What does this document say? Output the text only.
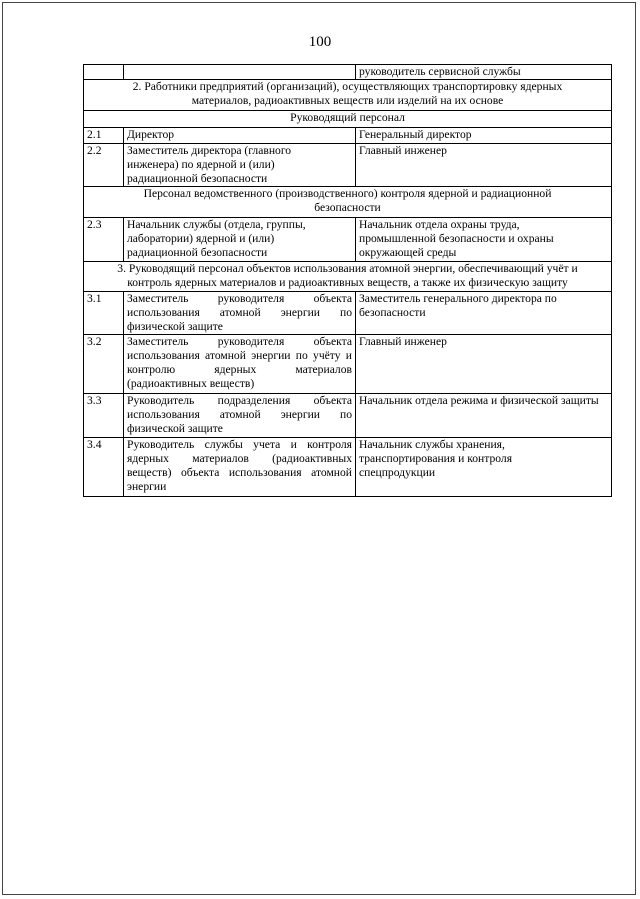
100
		руководитель сервисной службы

2. Работники предприятий (организаций), осуществляющих транспортировку ядерных
материалов, радиоактивных веществ или изделий на их основе		

Руководящий персонал		
2.1	Директор	Генеральный директор
2.2	Заместитель директора (главного инженера) по ядерной и (или) радиационной безопасности	Главный инженер

Персонал ведомственного (производственного) контроля ядерной и радиационной
безопасности		

2.3	Начальник службы (отдела, группы, лабоpатории) ядерной и (или) радиационной безопасности	Начальник отдела охраны труда, промышленной безопасности и охраны окружающей среды

3. Руководящий персонал объектов использования атомной энергии, обеспечивающий учёт и
контроль ядерных материалов и радиоактивных веществ, а также их физическую защиту		

3.1	Заместитель руководителя объекта использования атомной энергии по физической защите	Заместитель генерального директора по безопасности
3.2	Заместитель руководителя объекта использования атомной энергии по учёту и контролю ядерных материалов (радиоактивных веществ)	Главный инженер
3.3	Руководитель подразделения объекта использования атомной энергии по физической защите	Начальник отдела режима и физической защиты
3.4	Руководитель службы учета и контроля ядерных материалов (радиоактивных веществ) объекта использования атомной энергии	Начальник службы хранения, транспортирования и контроля спецпродукции
